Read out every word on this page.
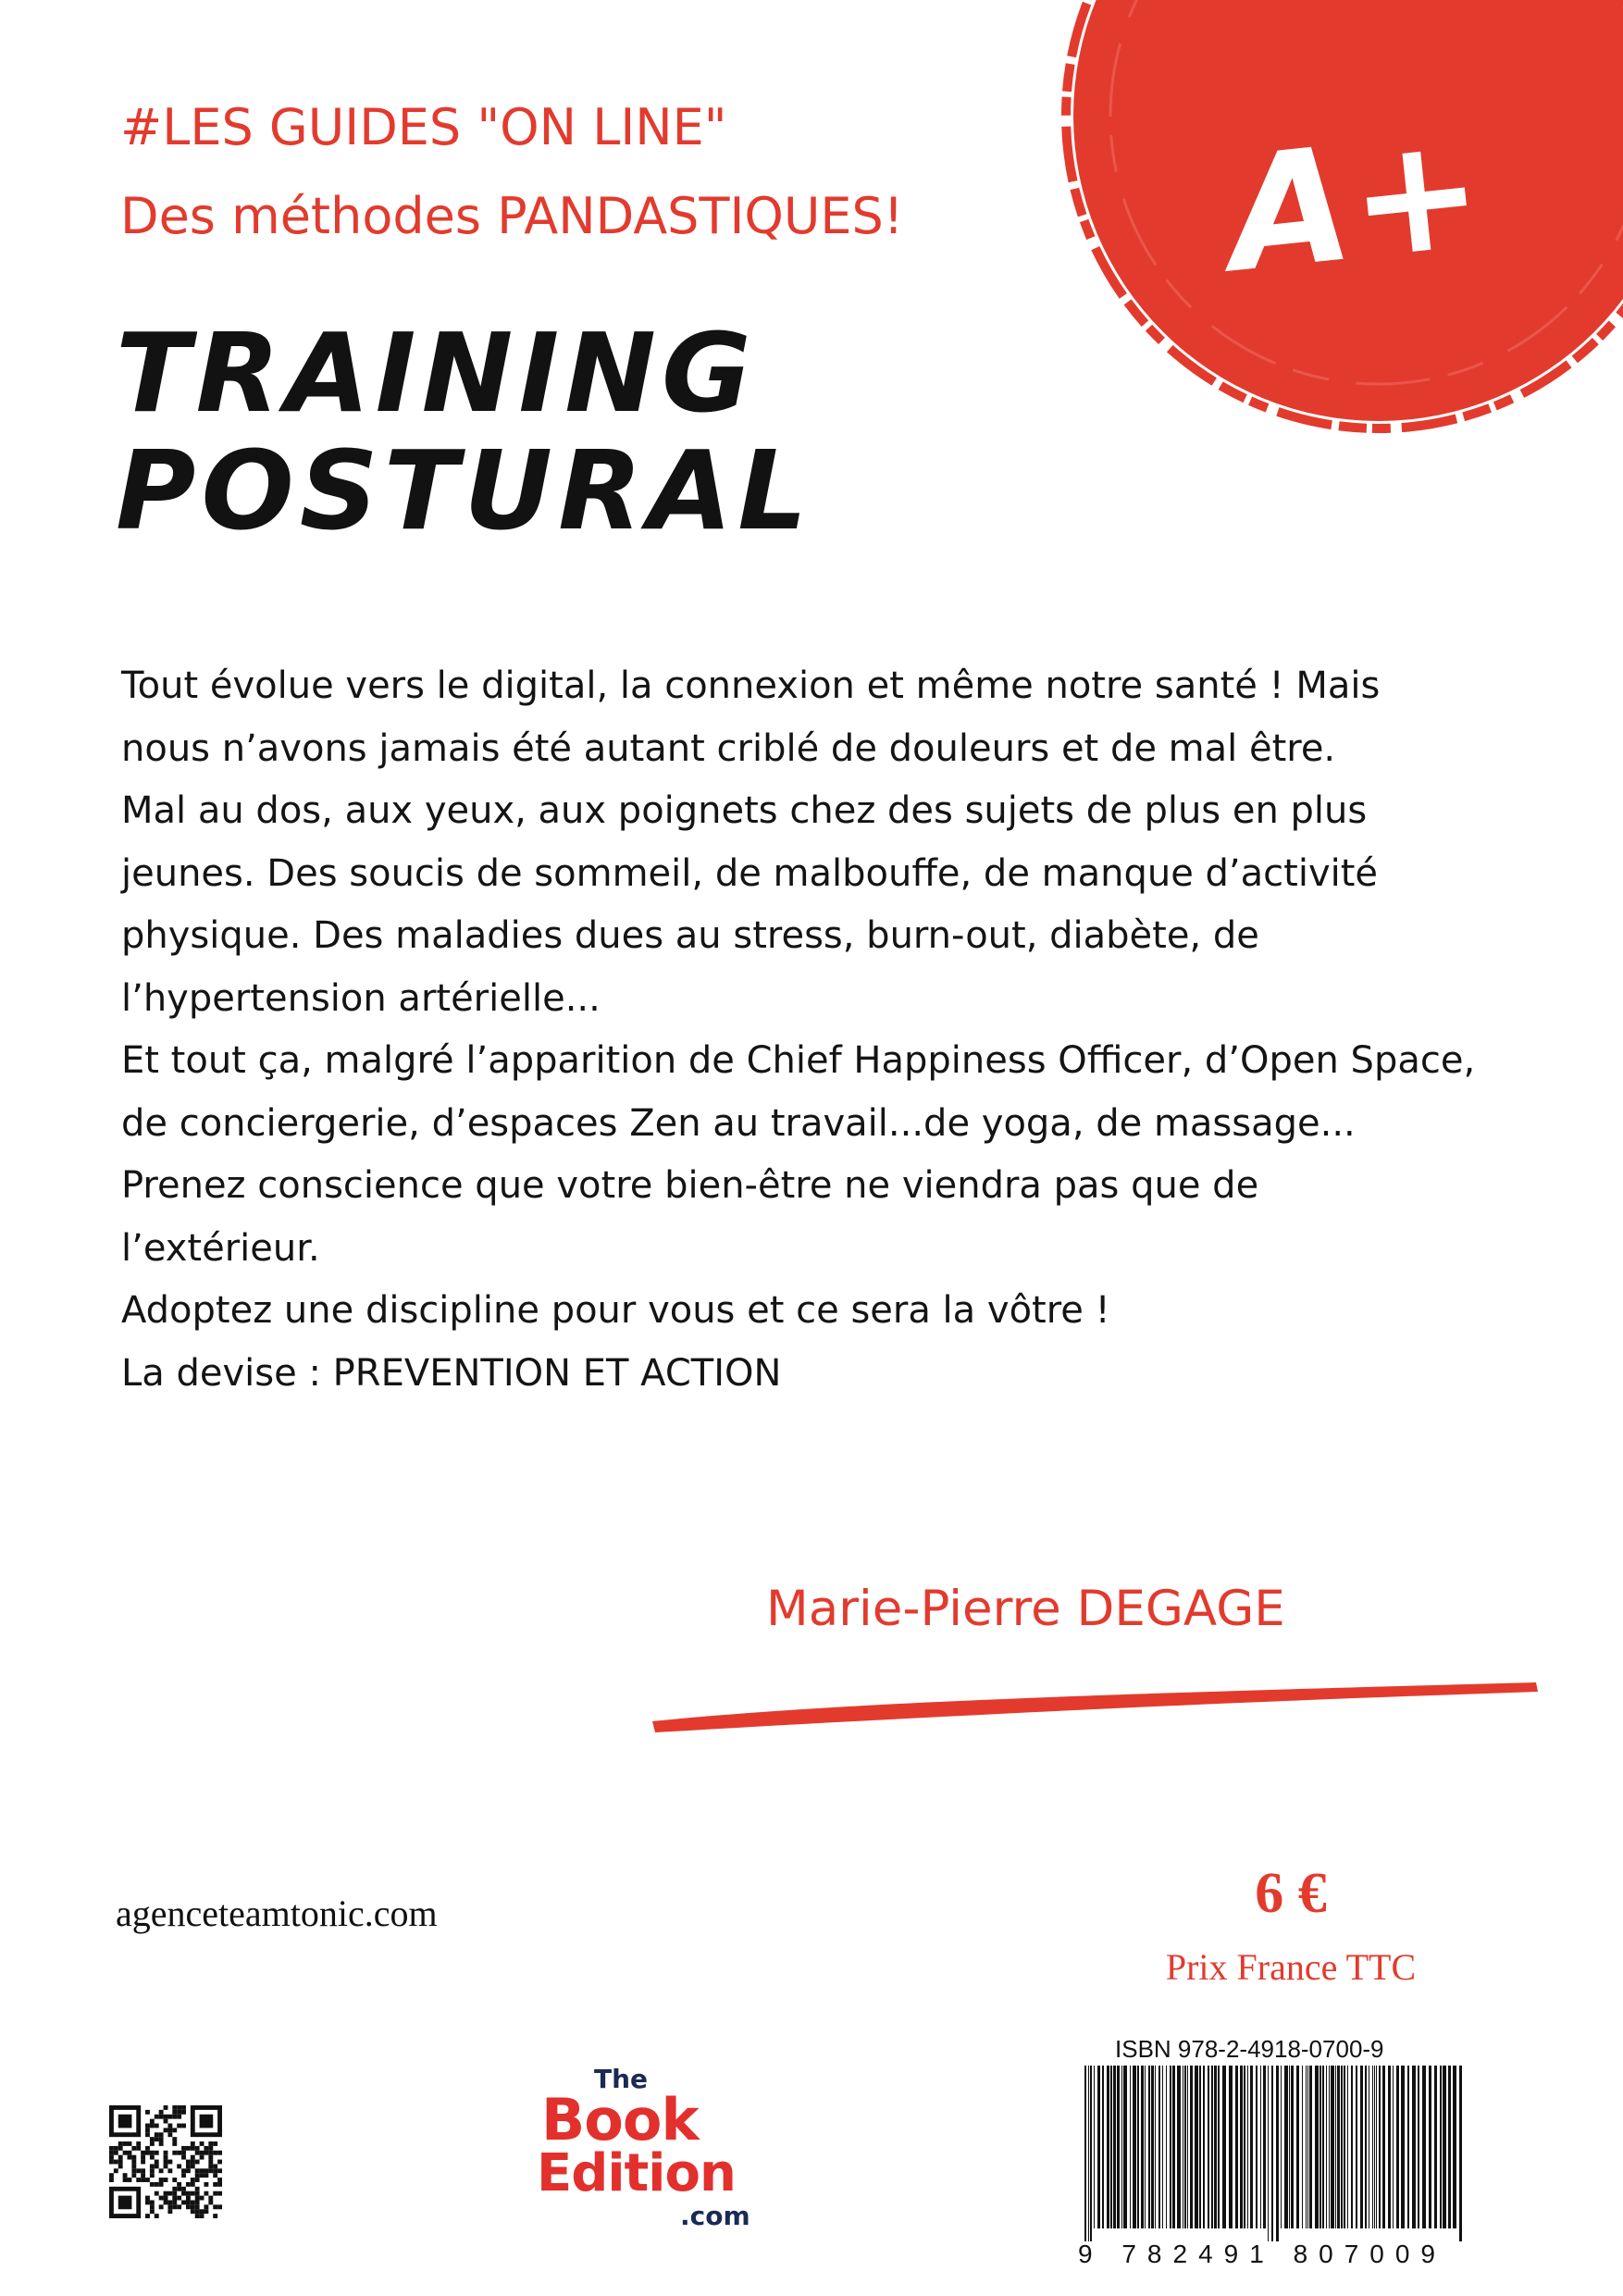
A+
#LES GUIDES "ON LINE"
Des méthodes PANDASTIQUES!
TRAINING
POSTURAL
Tout évolue vers le digital, la connexion et même notre santé ! Mais
nous n’avons jamais été autant criblé de douleurs et de mal être.
Mal au dos, aux yeux, aux poignets chez des sujets de plus en plus
jeunes. Des soucis de sommeil, de malbouffe, de manque d’activité
physique. Des maladies dues au stress, burn-out, diabète, de
l’hypertension artérielle...
Et tout ça, malgré l’apparition de Chief Happiness Officer, d’Open Space,
de conciergerie, d’espaces Zen au travail...de yoga, de massage...
Prenez conscience que votre bien-être ne viendra pas que de
l’extérieur.
Adoptez une discipline pour vous et ce sera la vôtre !
La devise : PREVENTION ET ACTION
Marie-Pierre DEGAGE
agenceteamtonic.com	6 €
Prix France TTC
ISBN 978-2-4918-0700-9
9 782491 807009
The
Book
Edition
.com
